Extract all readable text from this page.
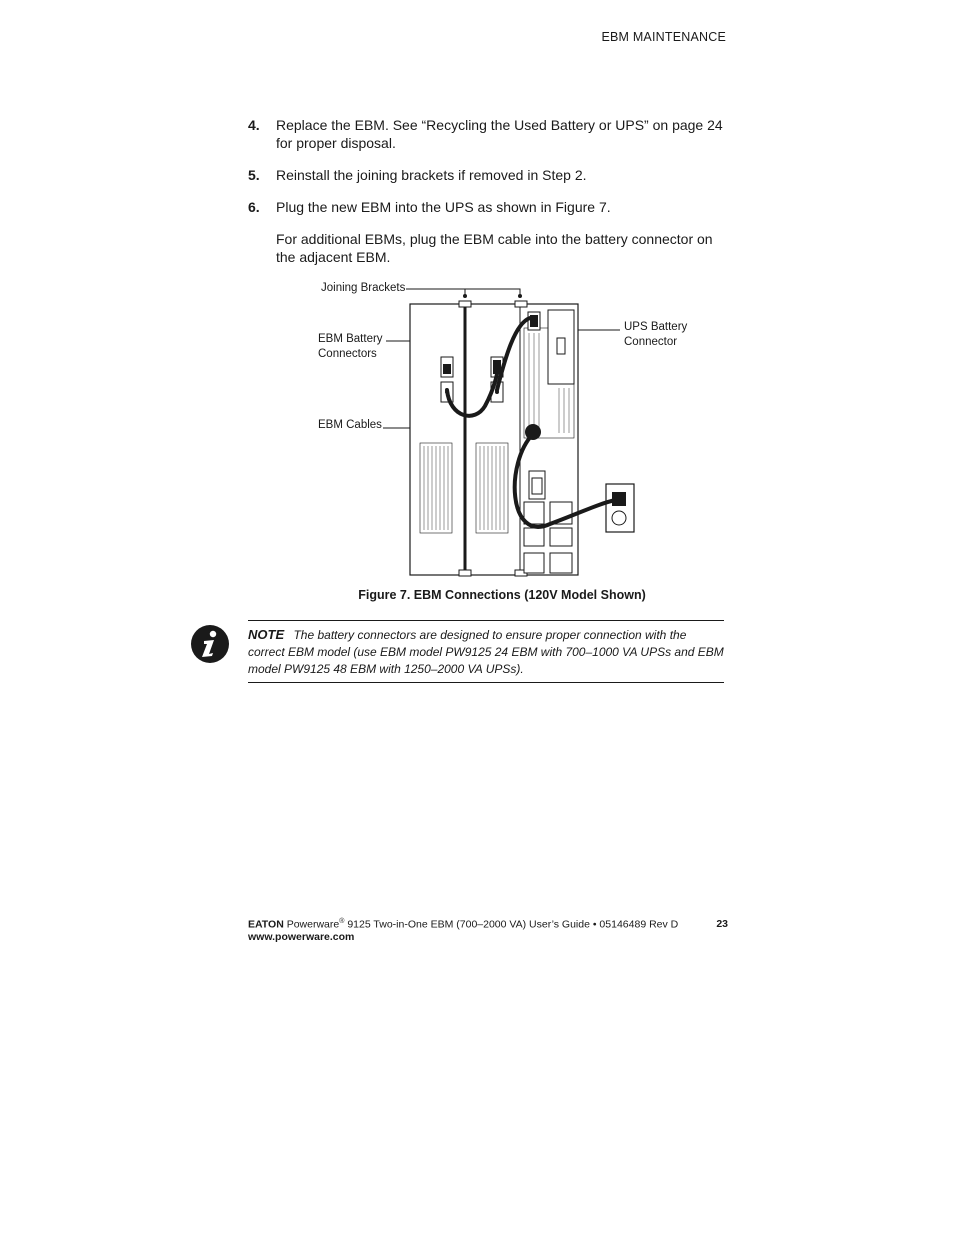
EBM MAINTENANCE
4. Replace the EBM. See “Recycling the Used Battery or UPS” on page 24 for proper disposal.
5. Reinstall the joining brackets if removed in Step 2.
6. Plug the new EBM into the UPS as shown in Figure 7.
For additional EBMs, plug the EBM cable into the battery connector on the adjacent EBM.
Joining Brackets
EBM Battery
Connectors
EBM Cables
UPS Battery
Connector
Figure 7. EBM Connections (120V Model Shown)
NOTE The battery connectors are designed to ensure proper connection with the correct EBM model (use EBM model PW9125 24 EBM with 700–1000 VA UPSs and EBM model PW9125 48 EBM with 1250–2000 VA UPSs).
EATON Powerware® 9125 Two-in-One EBM (700–2000 VA) User’s Guide • 05146489 Rev D www.powerware.com
23
